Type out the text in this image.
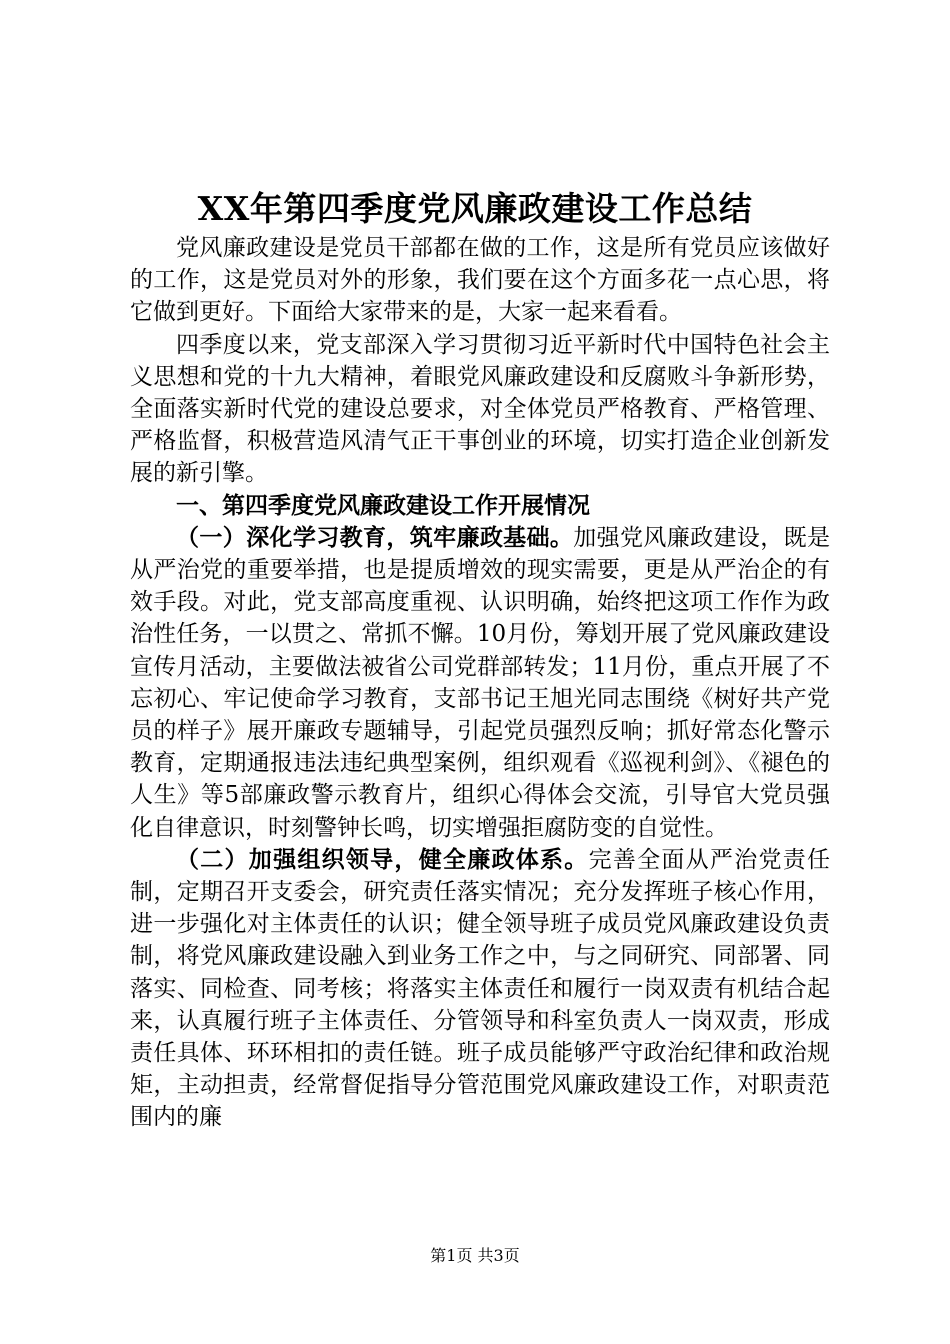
XX年第四季度党风廉政建设工作总结

党风廉政建设是党员干部都在做的工作，这是所有党员应该做好的工作，这是党员对外的形象，我们要在这个方面多花一点心思，将它做到更好。下面给大家带来的是，大家一起来看看。

四季度以来，党支部深入学习贯彻习近平新时代中国特色社会主义思想和党的十九大精神，着眼党风廉政建设和反腐败斗争新形势，全面落实新时代党的建设总要求，对全体党员严格教育、严格管理、严格监督，积极营造风清气正干事创业的环境，切实打造企业创新发展的新引擎。

一、第四季度党风廉政建设工作开展情况

（一）深化学习教育，筑牢廉政基础。加强党风廉政建设，既是从严治党的重要举措，也是提质增效的现实需要，更是从严治企的有效手段。对此，党支部高度重视、认识明确，始终把这项工作作为政治性任务，一以贯之、常抓不懈。10月份，筹划开展了党风廉政建设宣传月活动，主要做法被省公司党群部转发；11月份，重点开展了不忘初心、牢记使命学习教育，支部书记王旭光同志围绕《树好共产党员的样子》展开廉政专题辅导，引起党员强烈反响；抓好常态化警示教育，定期通报违法违纪典型案例，组织观看《巡视利剑》、《褪色的人生》等5部廉政警示教育片，组织心得体会交流，引导官大党员强化自律意识，时刻警钟长鸣，切实增强拒腐防变的自觉性。

（二）加强组织领导，健全廉政体系。完善全面从严治党责任制，定期召开支委会，研究责任落实情况；充分发挥班子核心作用，进一步强化对主体责任的认识；健全领导班子成员党风廉政建设负责制，将党风廉政建设融入到业务工作之中，与之同研究、同部署、同落实、同检查、同考核；将落实主体责任和履行一岗双责有机结合起来，认真履行班子主体责任、分管领导和科室负责人一岗双责，形成责任具体、环环相扣的责任链。班子成员能够严守政治纪律和政治规矩，主动担责，经常督促指导分管范围党风廉政建设工作，对职责范围内的廉

第1页 共3页
